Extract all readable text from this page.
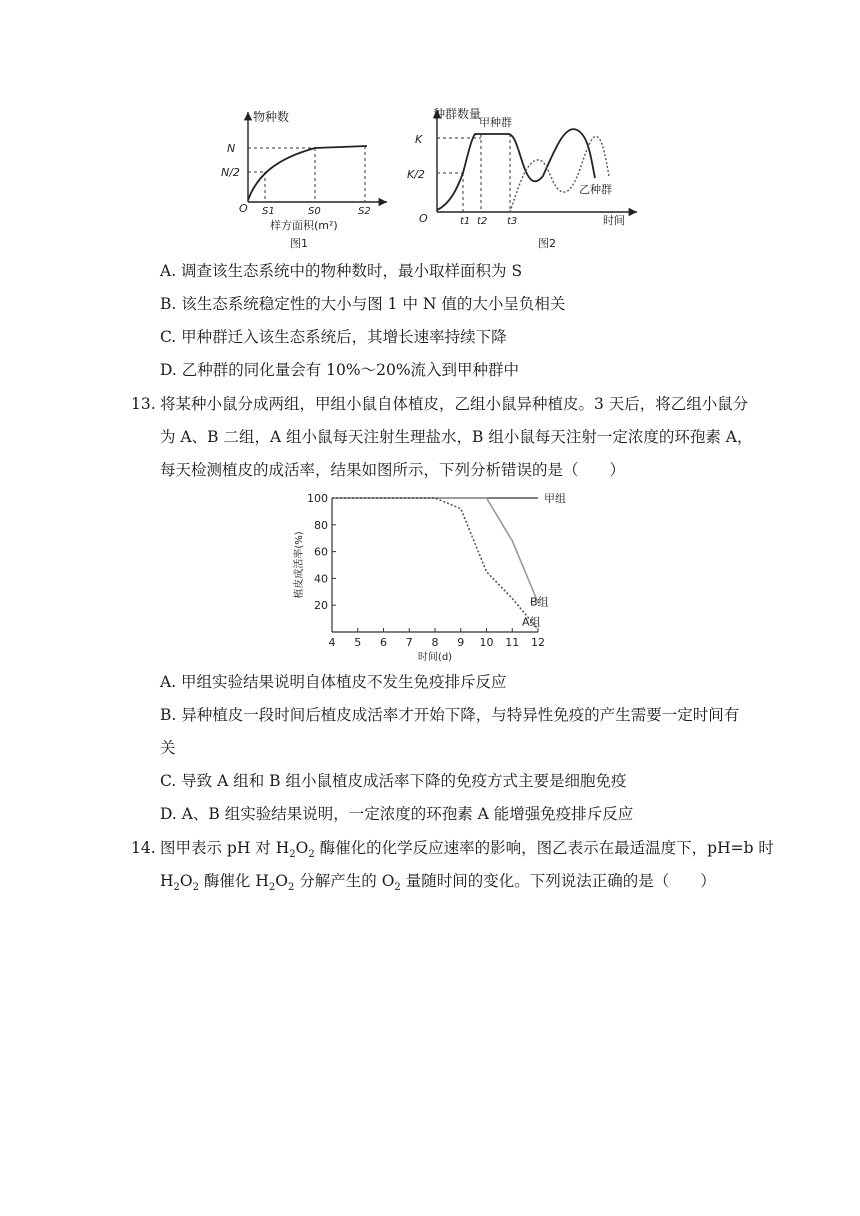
物种数
N
N/2
O S1	S0	S2
样方面积(m²)
图1
种群数量
K
K/2
O	t1 t2 t3	时间
甲种群
乙种群
图2
A. 调查该生态系统中的物种数时，最小取样面积为 S
B. 该生态系统稳定性的大小与图 1 中 N 值的大小呈负相关
C. 甲种群迁入该生态系统后，其增长速率持续下降
D. 乙种群的同化量会有 10%～20%流入到甲种群中
13. 将某种小鼠分成两组，甲组小鼠自体植皮，乙组小鼠异种植皮。3 天后，将乙组小鼠分
为 A、B 二组，A 组小鼠每天注射生理盐水，B 组小鼠每天注射一定浓度的环孢素 A，
每天检测植皮的成活率，结果如图所示，下列分析错误的是（　　）
4 5 6 7 8 9 10 11 12
20
40
60
80
100
时间(d)
植皮成活率(%)
甲组
B组
A组
A. 甲组实验结果说明自体植皮不发生免疫排斥反应
B. 异种植皮一段时间后植皮成活率才开始下降，与特异性免疫的产生需要一定时间有
关
C. 导致 A 组和 B 组小鼠植皮成活率下降的免疫方式主要是细胞免疫
D. A、B 组实验结果说明，一定浓度的环孢素 A 能增强免疫排斥反应
14. 图甲表示 pH 对 $H_2O_2$ 酶催化的化学反应速率的影响，图乙表示在最适温度下，pH=b 时
$H_2O_2$ 酶催化 $H_2O_2$ 分解产生的 $O_2$ 量随时间的变化。下列说法正确的是（　　）
